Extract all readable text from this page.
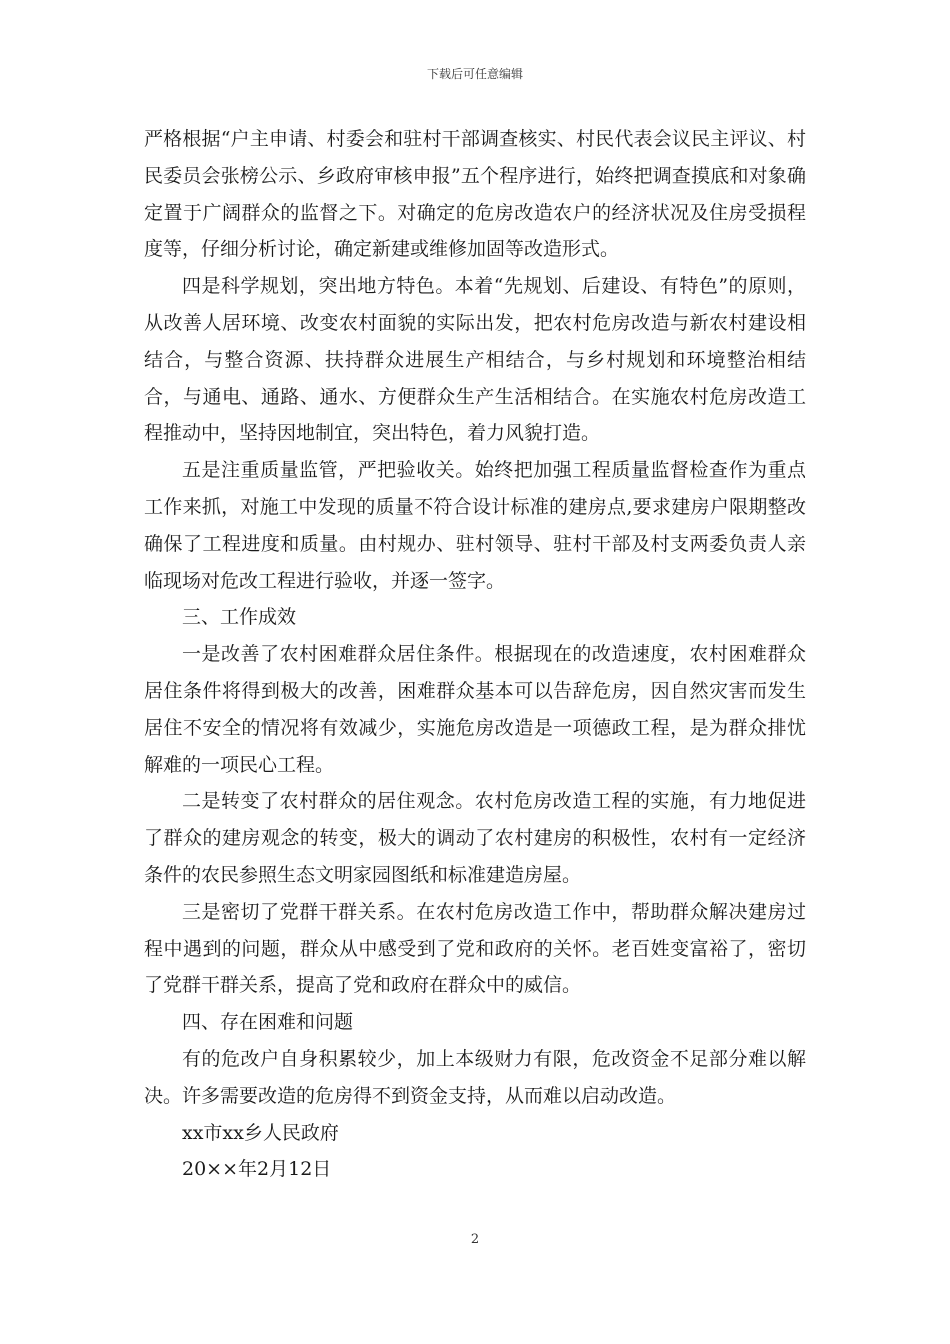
下载后可任意编辑

严格根据“户主申请、村委会和驻村干部调查核实、村民代表会议民主评议、村民委员会张榜公示、乡政府审核申报”五个程序进行，始终把调查摸底和对象确定置于广阔群众的监督之下。对确定的危房改造农户的经济状况及住房受损程度等，仔细分析讨论，确定新建或维修加固等改造形式。

四是科学规划，突出地方特色。本着“先规划、后建设、有特色”的原则，从改善人居环境、改变农村面貌的实际出发，把农村危房改造与新农村建设相结合，与整合资源、扶持群众进展生产相结合，与乡村规划和环境整治相结合，与通电、通路、通水、方便群众生产生活相结合。在实施农村危房改造工程推动中，坚持因地制宜，突出特色，着力风貌打造。

五是注重质量监管，严把验收关。始终把加强工程质量监督检查作为重点工作来抓，对施工中发现的质量不符合设计标准的建房点,要求建房户限期整改确保了工程进度和质量。由村规办、驻村领导、驻村干部及村支两委负责人亲临现场对危改工程进行验收，并逐一签字。

三、工作成效

一是改善了农村困难群众居住条件。根据现在的改造速度，农村困难群众居住条件将得到极大的改善，困难群众基本可以告辞危房，因自然灾害而发生居住不安全的情况将有效减少，实施危房改造是一项德政工程，是为群众排忧解难的一项民心工程。

二是转变了农村群众的居住观念。农村危房改造工程的实施，有力地促进了群众的建房观念的转变，极大的调动了农村建房的积极性，农村有一定经济条件的农民参照生态文明家园图纸和标准建造房屋。

三是密切了党群干群关系。在农村危房改造工作中，帮助群众解决建房过程中遇到的问题，群众从中感受到了党和政府的关怀。老百姓变富裕了，密切了党群干群关系，提高了党和政府在群众中的威信。

四、存在困难和问题

有的危改户自身积累较少，加上本级财力有限，危改资金不足部分难以解决。许多需要改造的危房得不到资金支持，从而难以启动改造。

xx市xx乡人民政府

20××年2月12日

2
